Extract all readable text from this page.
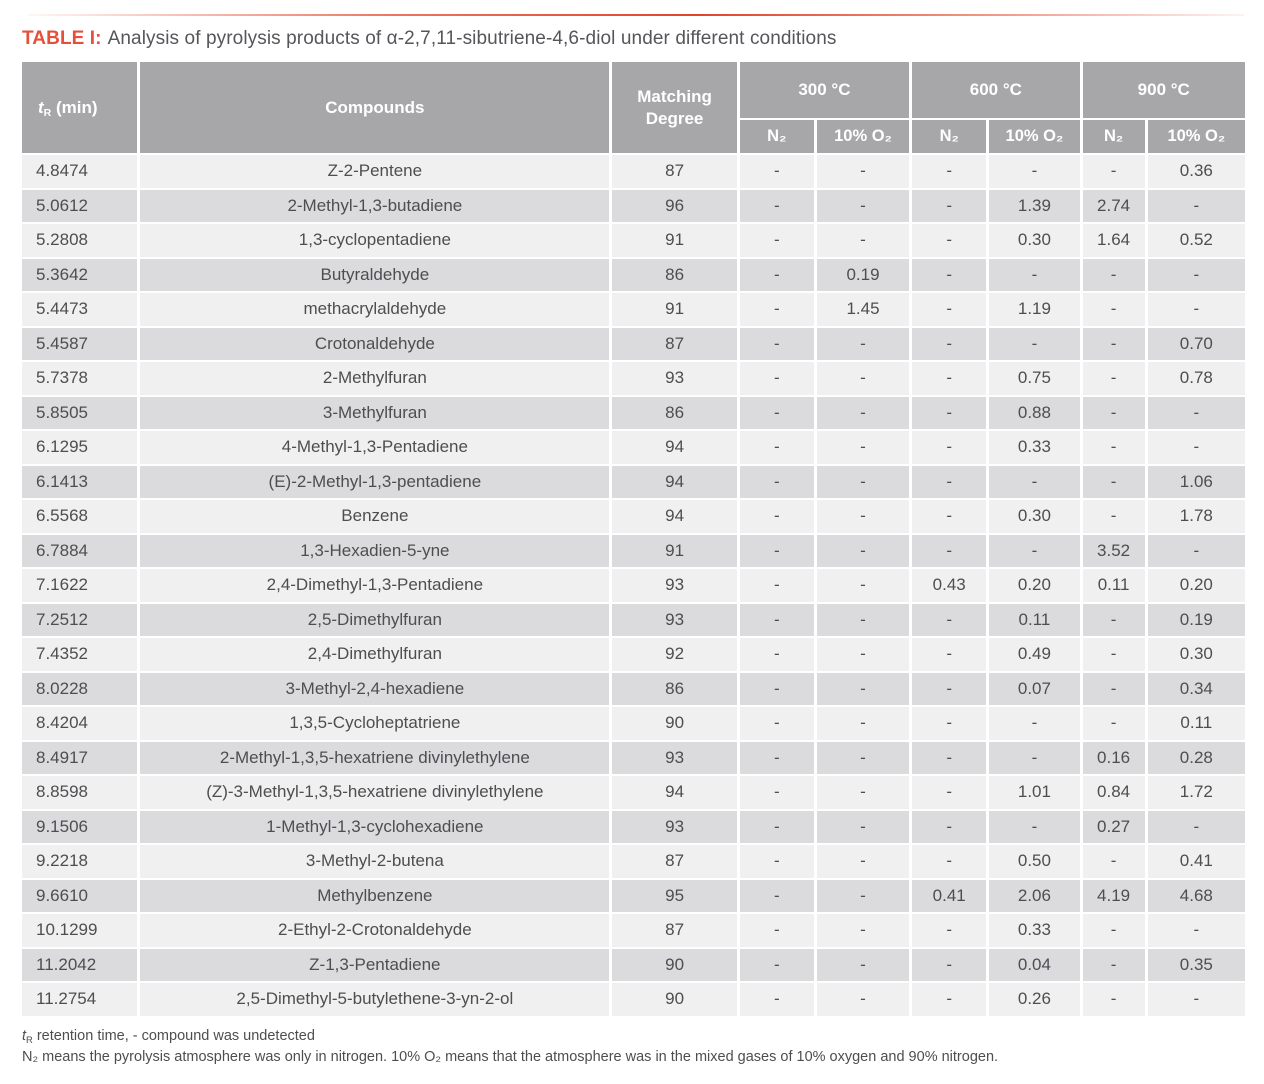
TABLE I: Analysis of pyrolysis products of α-2,7,11-sibutriene-4,6-diol under different conditions
$t_R$ (min)	Compounds	Matching Degree	300 °C		600 °C		900 °C	
			N₂	10% O₂	N₂	10% O₂	N₂	10% O₂
4.8474	Z-2-Pentene	87	-	-	-	-	-	0.36
5.0612	2-Methyl-1,3-butadiene	96	-	-	-	1.39	2.74	-
5.2808	1,3-cyclopentadiene	91	-	-	-	0.30	1.64	0.52
5.3642	Butyraldehyde	86	-	0.19	-	-	-	-
5.4473	methacrylaldehyde	91	-	1.45	-	1.19	-	-
5.4587	Crotonaldehyde	87	-	-	-	-	-	0.70
5.7378	2-Methylfuran	93	-	-	-	0.75	-	0.78
5.8505	3-Methylfuran	86	-	-	-	0.88	-	-
6.1295	4-Methyl-1,3-Pentadiene	94	-	-	-	0.33	-	-
6.1413	(E)-2-Methyl-1,3-pentadiene	94	-	-	-	-	-	1.06
6.5568	Benzene	94	-	-	-	0.30	-	1.78
6.7884	1,3-Hexadien-5-yne	91	-	-	-	-	3.52	-
7.1622	2,4-Dimethyl-1,3-Pentadiene	93	-	-	0.43	0.20	0.11	0.20
7.2512	2,5-Dimethylfuran	93	-	-	-	0.11	-	0.19
7.4352	2,4-Dimethylfuran	92	-	-	-	0.49	-	0.30
8.0228	3-Methyl-2,4-hexadiene	86	-	-	-	0.07	-	0.34
8.4204	1,3,5-Cycloheptatriene	90	-	-	-	-	-	0.11
8.4917	2-Methyl-1,3,5-hexatriene divinylethylene	93	-	-	-	-	0.16	0.28
8.8598	(Z)-3-Methyl-1,3,5-hexatriene divinylethylene	94	-	-	-	1.01	0.84	1.72
9.1506	1-Methyl-1,3-cyclohexadiene	93	-	-	-	-	0.27	-
9.2218	3-Methyl-2-butena	87	-	-	-	0.50	-	0.41
9.6610	Methylbenzene	95	-	-	0.41	2.06	4.19	4.68
10.1299	2-Ethyl-2-Crotonaldehyde	87	-	-	-	0.33	-	-
11.2042	Z-1,3-Pentadiene	90	-	-	-	0.04	-	0.35
11.2754	2,5-Dimethyl-5-butylethene-3-yn-2-ol	90	-	-	-	0.26	-	-
$t_R$ retention time, - compound was undetected
N₂ means the pyrolysis atmosphere was only in nitrogen. 10% O₂ means that the atmosphere was in the mixed gases of 10% oxygen and 90% nitrogen.
